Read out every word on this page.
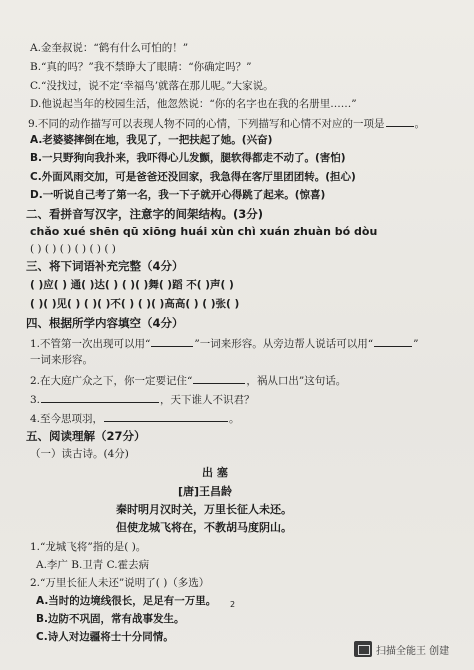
A.金奎叔说：“鹤有什么可怕的！”
B.“真的吗？”我不禁睁大了眼睛：“你确定吗？”
C.“没找过，说不定‘幸福鸟’就落在那儿呢。”大家说。
D.他说起当年的校园生活，他忽然说：“你的名字也在我的名册里……”
9.不同的动作描写可以表现人物不同的心情，下列描写和心情不对应的一项是	。
A.老婆婆摔倒在地，我见了，一把扶起了她。(兴奋)
B.一只野狗向我扑来，我吓得心儿发颤，腿软得都走不动了。(害怕)
C.外面风雨交加，可是爸爸还没回家，我急得在客厅里团团转。(担心)
D.一听说自己考了第一名，我一下子就开心得跳了起来。(惊喜)
二、看拼音写汉字，注意字的间架结构。(3分)
chǎo xué shēn qū xiōng huái xùn chì xuán zhuàn bó dòu
( ) ( ) ( ) ( ) ( ) ( )
三、将下词语补充完整（4分）
( )应( ) 通( )达( ) ( )( )舞( )蹈 不( )声( )
( )( )见( ) ( )( )不( ) ( )( )高高( ) ( )张( )
四、根据所学内容填空（4分）
1.不管第一次出现可以用“	”一词来形容。从旁边帮人说话可以用“	”
一词来形容。
2.在大庭广众之下，你一定要记住“	，祸从口出”这句话。
3.	，天下谁人不识君？
4.至今思项羽，	。
五、阅读理解（27分）
（一）读古诗。(4分)
出 塞
[唐]王昌龄
秦时明月汉时关，万里长征人未还。
但使龙城飞将在，不教胡马度阴山。
1.“龙城飞将”指的是( )。
A.李广 B.卫青 C.霍去病
2.“万里长征人未还”说明了( )（多选）
A.当时的边境线很长，足足有一万里。
B.边防不巩固，常有战事发生。
C.诗人对边疆将士十分同情。
2
扫描全能王 创建
